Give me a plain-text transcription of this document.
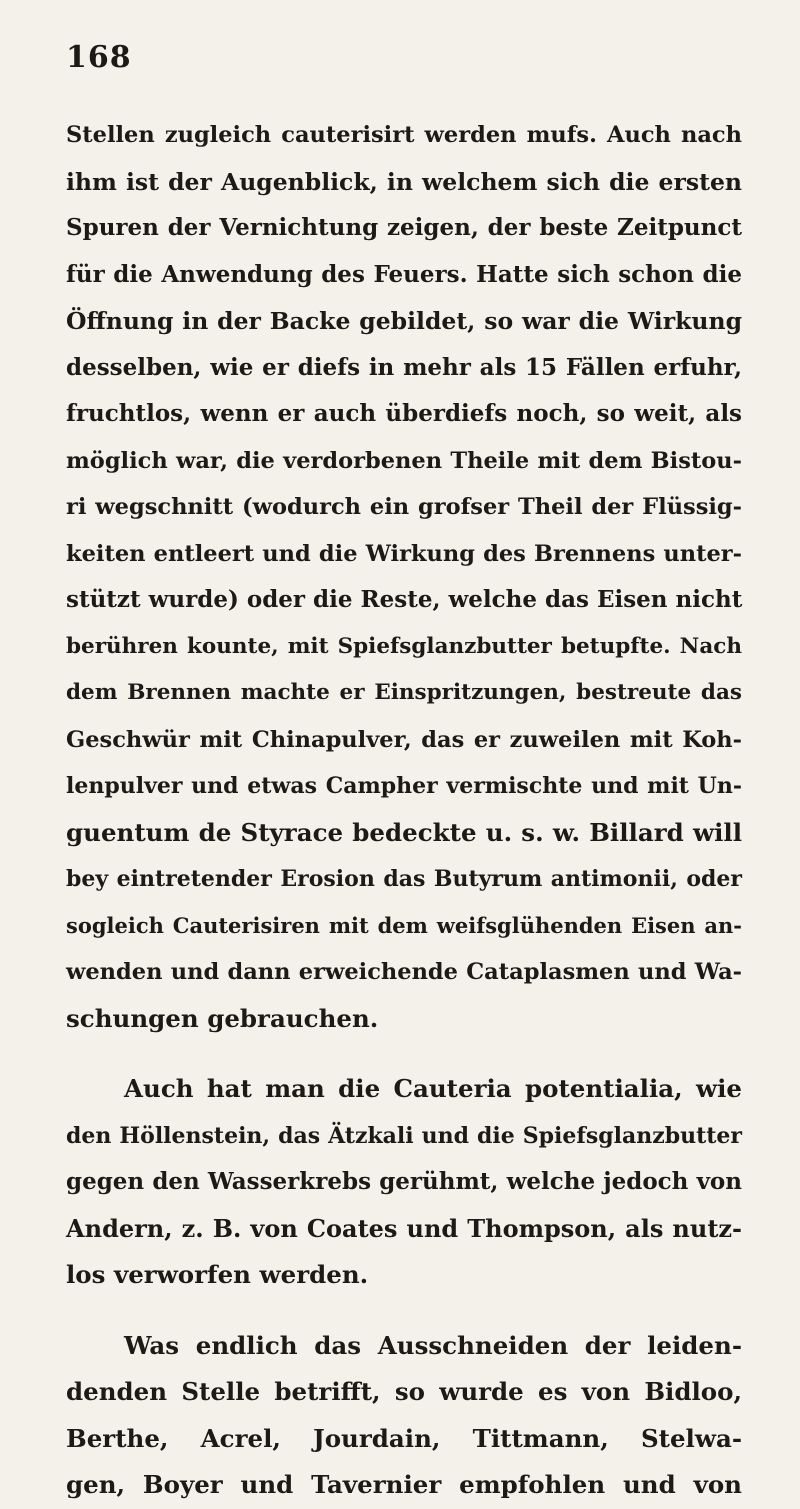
168
Stellen zugleich cauterisirt werden mufs. Auch nach
ihm ist der Augenblick, in welchem sich die ersten
Spuren der Vernichtung zeigen, der beste Zeitpunct
für die Anwendung des Feuers. Hatte sich schon die
Öffnung in der Backe gebildet, so war die Wirkung
desselben, wie er diefs in mehr als 15 Fällen erfuhr,
fruchtlos, wenn er auch überdiefs noch, so weit, als
möglich war, die verdorbenen Theile mit dem Bistou-
ri wegschnitt (wodurch ein grofser Theil der Flüssig-
keiten entleert und die Wirkung des Brennens unter-
stützt wurde) oder die Reste, welche das Eisen nicht
berühren kounte, mit Spiefsglanzbutter betupfte. Nach
dem Brennen machte er Einspritzungen, bestreute das
Geschwür mit Chinapulver, das er zuweilen mit Koh-
lenpulver und etwas Campher vermischte und mit Un-
guentum de Styrace bedeckte u. s. w. Billard will
bey eintretender Erosion das Butyrum antimonii, oder
sogleich Cauterisiren mit dem weifsglühenden Eisen an-
wenden und dann erweichende Cataplasmen und Wa-
schungen gebrauchen.
Auch hat man die Cauteria potentialia, wie
den Höllenstein, das Ätzkali und die Spiefsglanzbutter
gegen den Wasserkrebs gerühmt, welche jedoch von
Andern, z. B. von Coates und Thompson, als nutz-
los verworfen werden.
Was endlich das Ausschneiden der leiden-
denden Stelle betrifft, so wurde es von Bidloo,
Berthe, Acrel, Jourdain, Tittmann, Stelwa-
gen, Boyer und Tavernier empfohlen und von
